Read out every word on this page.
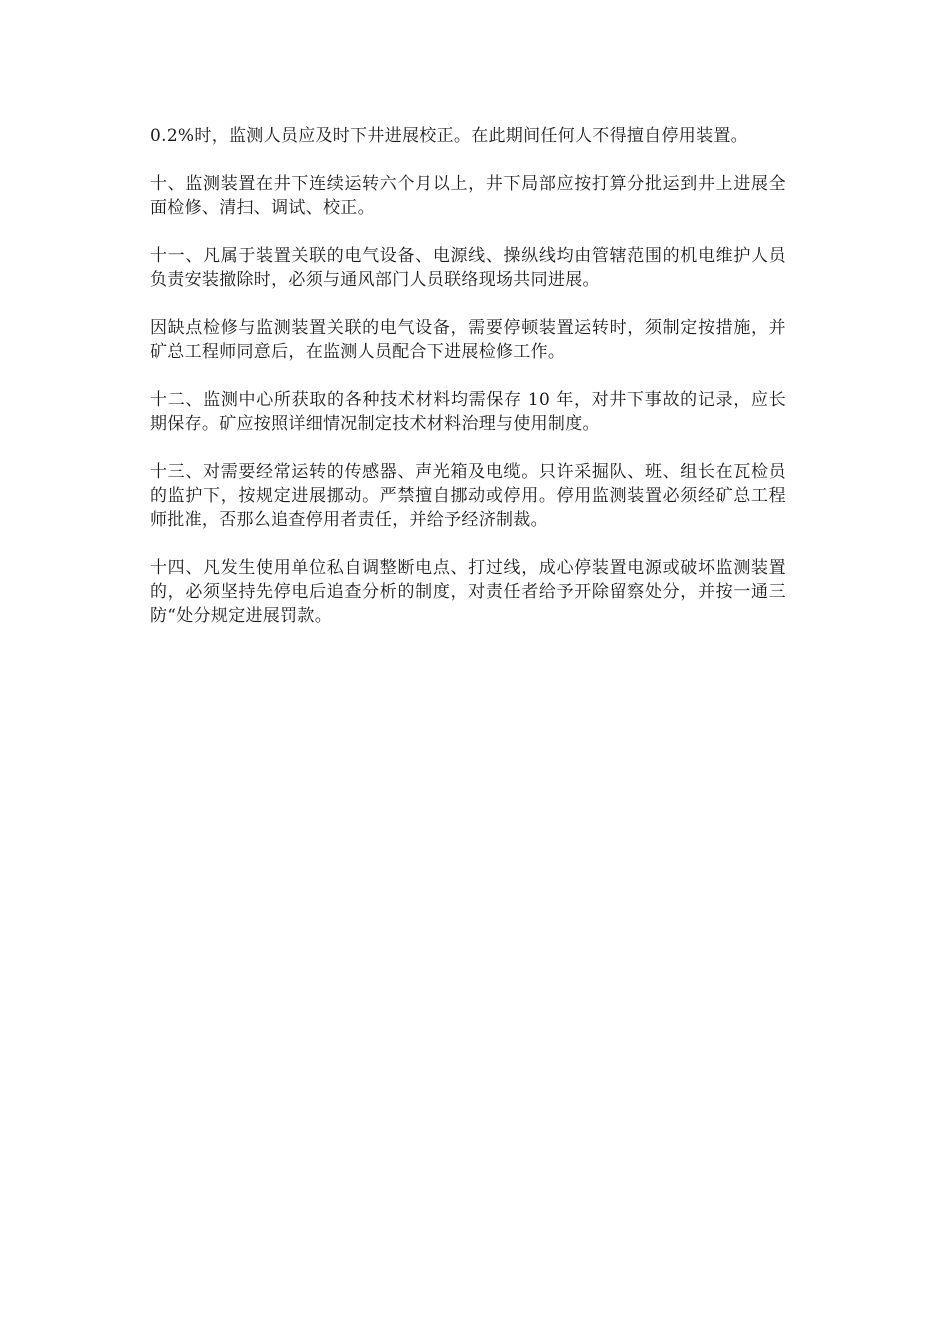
0.2%时，监测人员应及时下井进展校正。在此期间任何人不得擅自停用装置。

十、监测装置在井下连续运转六个月以上，井下局部应按打算分批运到井上进展全面检修、清扫、调试、校正。

十一、凡属于装置关联的电气设备、电源线、操纵线均由管辖范围的机电维护人员负责安装撤除时，必须与通风部门人员联络现场共同进展。

因缺点检修与监测装置关联的电气设备，需要停顿装置运转时，须制定按措施，并矿总工程师同意后，在监测人员配合下进展检修工作。

十二、监测中心所获取的各种技术材料均需保存 10 年，对井下事故的记录，应长期保存。矿应按照详细情况制定技术材料治理与使用制度。

十三、对需要经常运转的传感器、声光箱及电缆。只许采掘队、班、组长在瓦检员的监护下，按规定进展挪动。严禁擅自挪动或停用。停用监测装置必须经矿总工程师批准，否那么追查停用者责任，并给予经济制裁。

十四、凡发生使用单位私自调整断电点、打过线，成心停装置电源或破坏监测装置的，必须坚持先停电后追查分析的制度，对责任者给予开除留察处分，并按一通三防“处分规定进展罚款。
